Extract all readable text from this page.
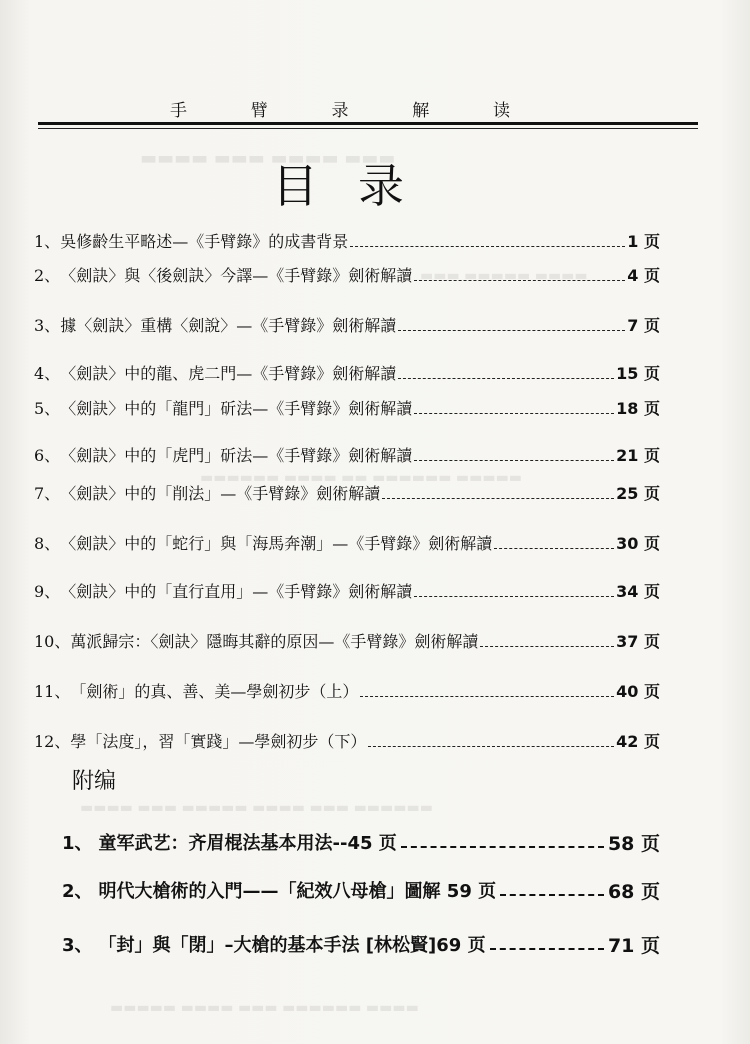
▬▬▬▬ ▬▬▬ ▬▬▬▬ ▬▬▬
▬▬▬ ▬▬▬▬▬ ▬▬▬▬
▬▬▬▬▬▬ ▬▬▬▬ ▬▬ ▬▬▬▬▬▬ ▬▬▬▬▬
▬▬▬▬ ▬▬▬ ▬▬▬▬▬ ▬▬▬▬ ▬▬▬ ▬▬▬▬▬▬
▬▬▬▬▬ ▬▬▬▬ ▬▬▬ ▬▬▬▬▬▬ ▬▬▬▬
手	臂	录	解	读
目录
1、 吳修齡生平略述—《手臂錄》的成書背景	1 页
2、 〈劍訣〉與〈後劍訣〉今譯—《手臂錄》劍術解讀	4 页
3、 據〈劍訣〉重構〈劍說〉—《手臂錄》劍術解讀	7 页
4、 〈劍訣〉中的龍、虎二門—《手臂錄》劍術解讀	15 页
5、 〈劍訣〉中的「龍門」斫法—《手臂錄》劍術解讀	18 页
6、 〈劍訣〉中的「虎門」斫法—《手臂錄》劍術解讀	21 页
7、 〈劍訣〉中的「削法」—《手臂錄》劍術解讀	25 页
8、 〈劍訣〉中的「蛇行」與「海馬奔潮」—《手臂錄》劍術解讀	30 页
9、 〈劍訣〉中的「直行直用」—《手臂錄》劍術解讀	34 页
10、 萬派歸宗：〈劍訣〉隱晦其辭的原因—《手臂錄》劍術解讀	37 页
11、 「劍術」的真、善、美—學劍初步（上）	40 页
12、 學「法度」，習「實踐」—學劍初步（下）	42 页
附编
1、 童军武艺：齐眉棍法基本用法--45 页	58 页
2、 明代大槍術的入門——「紀效八母槍」圖解 59 页	68 页
3、 「封」與「閉」–大槍的基本手法 [林松賢]69 页	71 页
